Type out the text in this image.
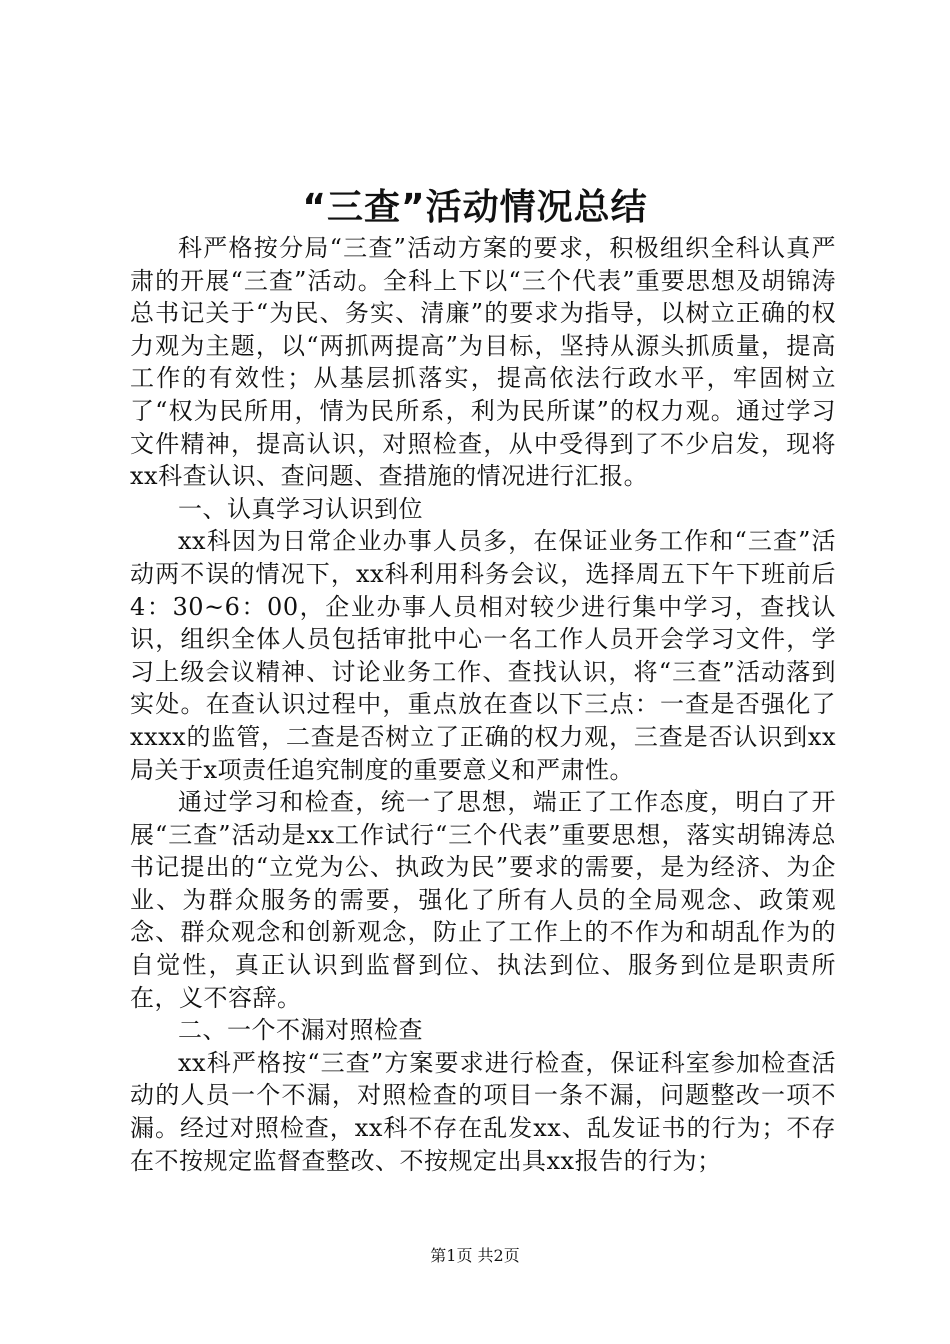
“三查”活动情况总结

科严格按分局“三查”活动方案的要求，积极组织全科认真严肃的开展“三查”活动。全科上下以“三个代表”重要思想及胡锦涛总书记关于“为民、务实、清廉”的要求为指导，以树立正确的权力观为主题，以“两抓两提高”为目标，坚持从源头抓质量，提高工作的有效性；从基层抓落实，提高依法行政水平，牢固树立了“权为民所用，情为民所系，利为民所谋”的权力观。通过学习文件精神，提高认识，对照检查，从中受得到了不少启发，现将xx科查认识、查问题、查措施的情况进行汇报。

一、认真学习认识到位

xx科因为日常企业办事人员多，在保证业务工作和“三查”活动两不误的情况下，xx科利用科务会议，选择周五下午下班前后4：30~6：00，企业办事人员相对较少进行集中学习，查找认识，组织全体人员包括审批中心一名工作人员开会学习文件，学习上级会议精神、讨论业务工作、查找认识，将“三查”活动落到实处。在查认识过程中，重点放在查以下三点：一查是否强化了xxxx的监管，二查是否树立了正确的权力观，三查是否认识到xx局关于x项责任追究制度的重要意义和严肃性。

通过学习和检查，统一了思想，端正了工作态度，明白了开展“三查”活动是xx工作试行“三个代表”重要思想，落实胡锦涛总书记提出的“立党为公、执政为民”要求的需要，是为经济、为企业、为群众服务的需要，强化了所有人员的全局观念、政策观念、群众观念和创新观念，防止了工作上的不作为和胡乱作为的自觉性，真正认识到监督到位、执法到位、服务到位是职责所在，义不容辞。

二、一个不漏对照检查

xx科严格按“三查”方案要求进行检查，保证科室参加检查活动的人员一个不漏，对照检查的项目一条不漏，问题整改一项不漏。经过对照检查，xx科不存在乱发xx、乱发证书的行为；不存在不按规定监督查整改、不按规定出具xx报告的行为；

第1页 共2页
